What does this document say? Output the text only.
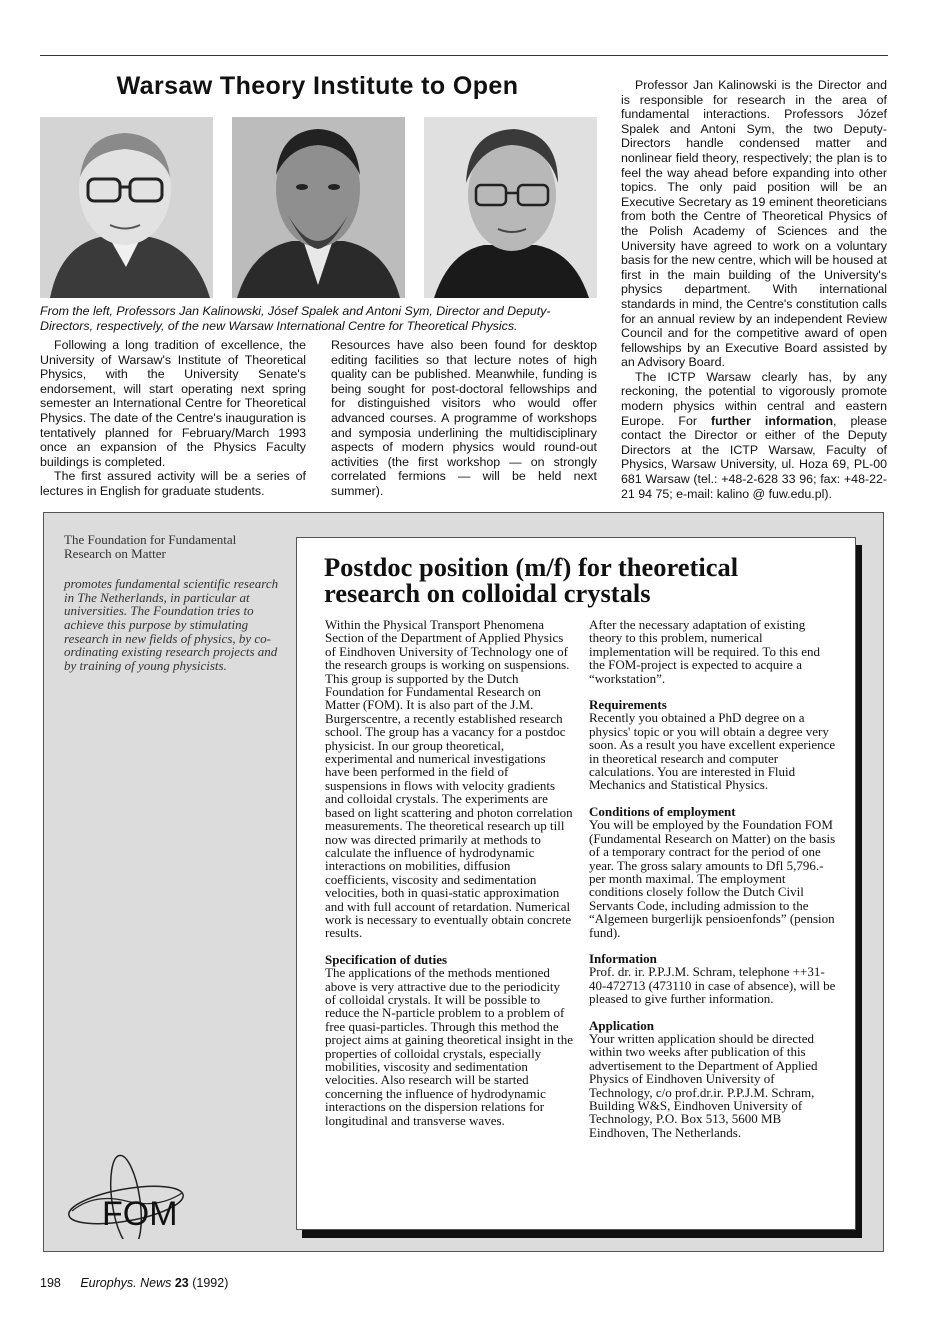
Warsaw Theory Institute to Open

From the left, Professors Jan Kalinowski, Jósef Spalek and Antoni Sym, Director and Deputy-Directors, respectively, of the new Warsaw International Centre for Theoretical Physics.

Following a long tradition of excellence, the University of Warsaw's Institute of Theoretical Physics, with the University Senate's endorsement, will start operating next spring semester an International Centre for Theoretical Physics. The date of the Centre's inauguration is tentatively planned for February/March 1993 once an expansion of the Physics Faculty buildings is completed.

The first assured activity will be a series of lectures in English for graduate students.

Resources have also been found for desktop editing facilities so that lecture notes of high quality can be published. Meanwhile, funding is being sought for post-doctoral fellowships and for distinguished visitors who would offer advanced courses. A programme of workshops and symposia underlining the multidisciplinary aspects of modern physics would round-out activities (the first workshop — on strongly correlated fermions — will be held next summer).

Professor Jan Kalinowski is the Director and is responsible for research in the area of fundamental interactions. Professors Józef Spalek and Antoni Sym, the two Deputy-Directors handle condensed matter and nonlinear field theory, respectively; the plan is to feel the way ahead before expanding into other topics. The only paid position will be an Executive Secretary as 19 eminent theoreticians from both the Centre of Theoretical Physics of the Polish Academy of Sciences and the University have agreed to work on a voluntary basis for the new centre, which will be housed at first in the main building of the University's physics department. With international standards in mind, the Centre's constitution calls for an annual review by an independent Review Council and for the competitive award of open fellowships by an Executive Board assisted by an Advisory Board.

The ICTP Warsaw clearly has, by any reckoning, the potential to vigorously promote modern physics within central and eastern Europe. For further information, please contact the Director or either of the Deputy Directors at the ICTP Warsaw, Faculty of Physics, Warsaw University, ul. Hoza 69, PL-00 681 Warsaw (tel.: +48-2-628 33 96; fax: +48-22-21 94 75; e-mail: kalino @ fuw.edu.pl).

The Foundation for Fundamental Research on Matter

promotes fundamental scientific research in The Netherlands, in particular at universities. The Foundation tries to achieve this purpose by stimulating research in new fields of physics, by co-ordinating existing research projects and by training of young physicists.

FOM
Postdoc position (m/f) for theoretical research on colloidal crystals

Within the Physical Transport Phenomena Section of the Department of Applied Physics of Eindhoven University of Technology one of the research groups is working on suspensions. This group is supported by the Dutch Foundation for Fundamental Research on Matter (FOM). It is also part of the J.M. Burgerscentre, a recently established research school. The group has a vacancy for a postdoc physicist. In our group theoretical, experimental and numerical investigations have been performed in the field of suspensions in flows with velocity gradients and colloidal crystals. The experiments are based on light scattering and photon correlation measurements. The theoretical research up till now was directed primarily at methods to calculate the influence of hydrodynamic interactions on mobilities, diffusion coefficients, viscosity and sedimentation velocities, both in quasi-static approximation and with full account of retardation. Numerical work is necessary to eventually obtain concrete results.

Specification of duties

The applications of the methods mentioned above is very attractive due to the periodicity of colloidal crystals. It will be possible to reduce the N-particle problem to a problem of free quasi-particles. Through this method the project aims at gaining theoretical insight in the properties of colloidal crystals, especially mobilities, viscosity and sedimentation velocities. Also research will be started concerning the influence of hydrodynamic interactions on the dispersion relations for longitudinal and transverse waves.

After the necessary adaptation of existing theory to this problem, numerical implementation will be required. To this end the FOM-project is expected to acquire a “workstation”.

Requirements

Recently you obtained a PhD degree on a physics' topic or you will obtain a degree very soon. As a result you have excellent experience in theoretical research and computer calculations. You are interested in Fluid Mechanics and Statistical Physics.

Conditions of employment

You will be employed by the Foundation FOM (Fundamental Research on Matter) on the basis of a temporary contract for the period of one year. The gross salary amounts to Dfl 5,796.- per month maximal. The employment conditions closely follow the Dutch Civil Servants Code, including admission to the “Algemeen burgerlijk pensioenfonds” (pension fund).

Information

Prof. dr. ir. P.P.J.M. Schram, telephone ++31-40-472713 (473110 in case of absence), will be pleased to give further information.

Application

Your written application should be directed within two weeks after publication of this advertisement to the Department of Applied Physics of Eindhoven University of Technology, c/o prof.dr.ir. P.P.J.M. Schram, Building W&S, Eindhoven University of Technology, P.O. Box 513, 5600 MB Eindhoven, The Netherlands.

198 Europhys. News 23 (1992)
